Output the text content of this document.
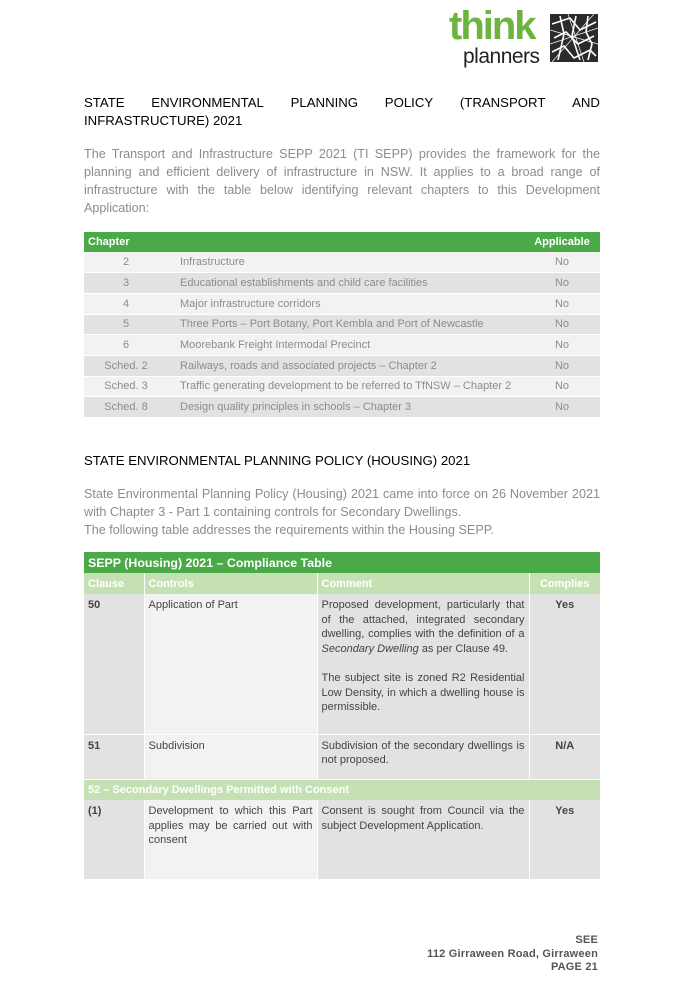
think
planners
STATE ENVIRONMENTAL PLANNING POLICY (TRANSPORT AND
INFRASTRUCTURE) 2021

The Transport and Infrastructure SEPP 2021 (TI SEPP) provides the framework for the planning and efficient delivery of infrastructure in NSW. It applies to a broad range of infrastructure with the table below identifying relevant chapters to this Development Application:

Chapter		Applicable
2	Infrastructure	No
3	Educational establishments and child care facilities	No
4	Major infrastructure corridors	No
5	Three Ports – Port Botany, Port Kembla and Port of Newcastle	No
6	Moorebank Freight Intermodal Precinct	No
Sched. 2	Railways, roads and associated projects – Chapter 2	No
Sched. 3	Traffic generating development to be referred to TfNSW – Chapter 2	No
Sched. 8	Design quality principles in schools – Chapter 3	No
STATE ENVIRONMENTAL PLANNING POLICY (HOUSING) 2021
State Environmental Planning Policy (Housing) 2021 came into force on 26 November 2021 with Chapter 3 - Part 1 containing controls for Secondary Dwellings.
The following table addresses the requirements within the Housing SEPP.
SEPP (Housing) 2021 – Compliance Table			
Clause	Controls	Comment	Complies
50	Application of Part	Proposed development, particularly that of the attached, integrated secondary dwelling, complies with the definition of a Secondary Dwelling as per Clause 49.
The subject site is zoned R2 Residential Low Density, in which a dwelling house is permissible.	Yes
51	Subdivision	Subdivision of the secondary dwellings is not proposed.	N/A
52 – Secondary Dwellings Permitted with Consent			
(1)	Development to which this Part applies may be carried out with consent	Consent is sought from Council via the subject Development Application.	Yes
SEE
112 Girraween Road, Girraween
PAGE 21
